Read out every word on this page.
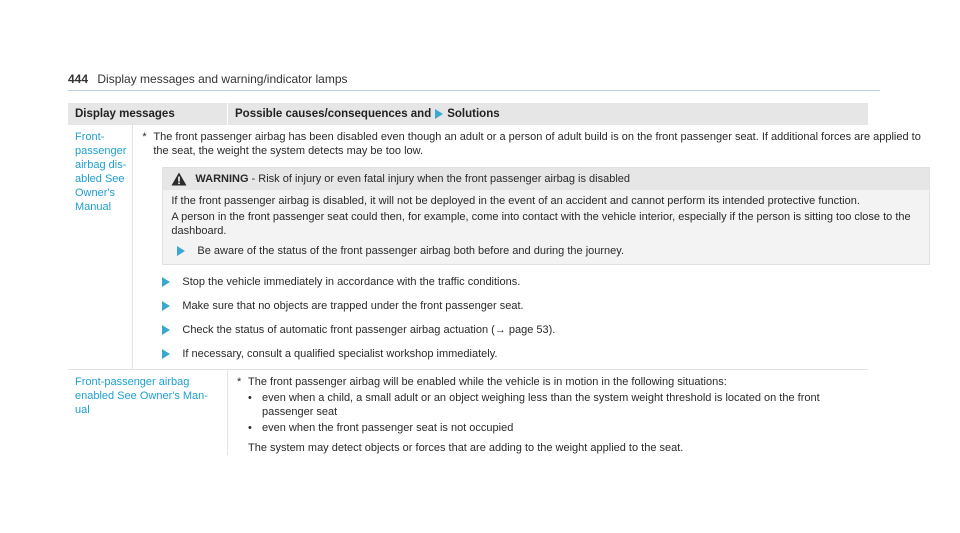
444 Display messages and warning/indicator lamps
Display messages	Possible causes/consequences and Solutions
Front-passenger airbag dis-abled See Owner's Manual
* The front passenger airbag has been disabled even though an adult or a person of adult build is on the front passenger seat. If additional forces are applied to the seat, the weight the system detects may be too low.
WARNING - Risk of injury or even fatal injury when the front passenger airbag is disabled

If the front passenger airbag is disabled, it will not be deployed in the event of an accident and cannot perform its intended protective function.

A person in the front passenger seat could then, for example, come into contact with the vehicle interior, especially if the person is sitting too close to the dashboard.

Be aware of the status of the front passenger airbag both before and during the journey.
Stop the vehicle immediately in accordance with the traffic conditions.
Make sure that no objects are trapped under the front passenger seat.
Check the status of automatic front passenger airbag actuation (→ page 53).
If necessary, consult a qualified specialist workshop immediately.
Front-passenger airbag enabled See Owner's Man-ual
* The front passenger airbag will be enabled while the vehicle is in motion in the following situations:
• even when a child, a small adult or an object weighing less than the system weight threshold is located on the front passenger seat
• even when the front passenger seat is not occupied
The system may detect objects or forces that are adding to the weight applied to the seat.
